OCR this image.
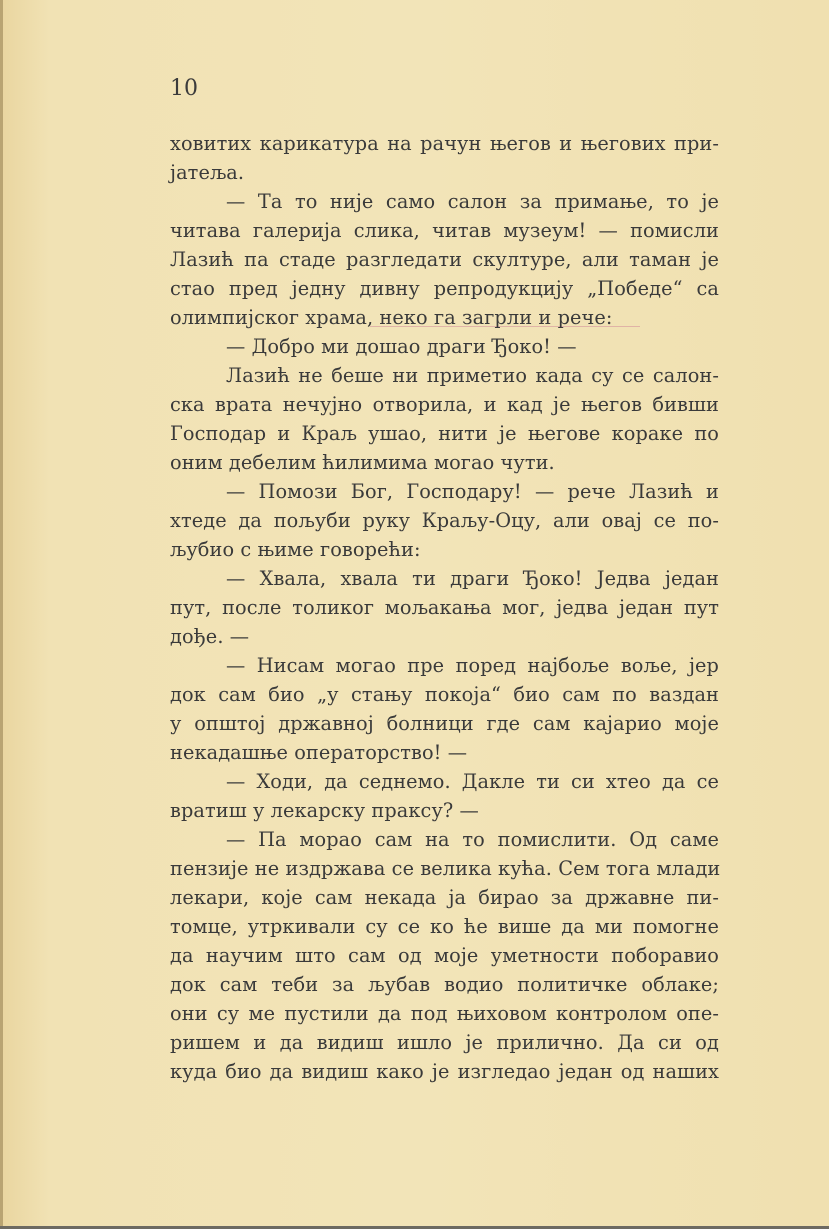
10
ховитих карикатура на рачун његов и његових при-
јатеља.
— Та то није само салон за примање, то је
читава галерија слика, читав музеум! — помисли
Лазић па стаде разгледати скултуре, али таман је
стао пред једну дивну репродукцију „Победе“ са
олимпијског храма, неко га загрли и рече:
— Добро ми дошао драги Ђоко! —
Лазић не беше ни приметио када су се салон-
ска врата нечујно отворила, и кад је његов бивши
Господар и Краљ ушао, нити је његове кораке по
оним дебелим ћилимима могао чути.
— Помози Бог, Господару! — рече Лазић и
хтеде да пољуби руку Краљу-Оцу, али овај се по-
љубио с њиме говорећи:
— Хвала, хвала ти драги Ђоко! Једва један
пут, после толиког мољакања мог, једва један пут
дође. —
— Нисам могао пре поред најбоље воље, јер
док сам био „у стању покоја“ био сам по ваздан
у општој државној болници где сам кајарио моје
некадашње операторство! —
— Ходи, да седнемо. Дакле ти си хтео да се
вратиш у лекарску праксу? —
— Па морао сам на то помислити. Од саме
пензије не издржава се велика кућа. Сем тога млади
лекари, које сам некада ја бирао за државне пи-
томце, утркивали су се ко ће више да ми помогне
да научим што сам од моје уметности поборавио
док сам теби за љубав водио политичке облаке;
они су ме пустили да под њиховом контролом опе-
ришем и да видиш ишло је прилично. Да си од
куда био да видиш како је изгледао један од наших
